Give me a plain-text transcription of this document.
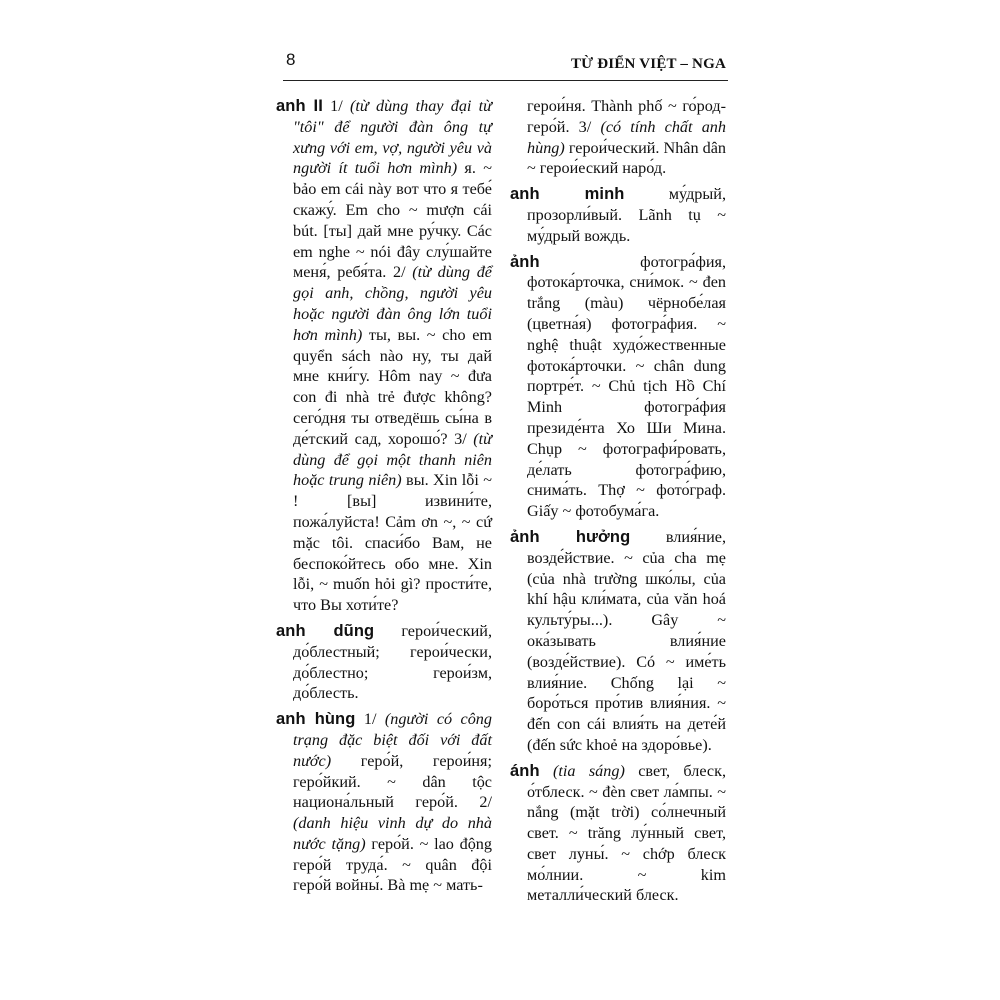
8	TỪ ĐIỂN VIỆT – NGA
anh II 1/ (từ dùng thay đại từ "tôi" để người đàn ông tự xưng với em, vợ, người yêu và người ít tuổi hơn mình) я. ~ bảo em cái này вот что я тебе́ скажу́. Em cho ~ mượn cái bút. [ты] дай мне ру́чку. Các em nghe ~ nói đây слу́шайте меня́, ребя́та. 2/ (từ dùng để gọi anh, chồng, người yêu hoặc người đàn ông lớn tuổi hơn mình) ты, вы. ~ cho em quyển sách nào ну, ты дай мне кни́гу. Hôm nay ~ đưa con đi nhà trẻ được không? сего́дня ты отведёшь сы́на в де́тский сад, хорошо́? 3/ (từ dùng để gọi một thanh niên hoặc trung niên) вы. Xin lỗi ~ ! [вы] извини́те, пожа́луйста! Cảm ơn ~, ~ cứ mặc tôi. спаси́бо Вам, не беспоко́йтесь обо мне. Xin lỗi, ~ muốn hỏi gì? прости́те, что Вы хоти́те?
anh dũng герои́ческий, до́блестный; герои́чески, до́блестно; герои́зм, до́блесть.
anh hùng 1/ (người có công trạng đặc biệt đối với đất nước) геро́й, герои́ня; геро́йкий. ~ dân tộc национа́льный геро́й. 2/ (danh hiệu vinh dự do nhà nước tặng) геро́й. ~ lao động геро́й труда́. ~ quân đội геро́й войны́. Bà mẹ ~ мать-
герои́ня. Thành phố ~ го́род-геро́й. 3/ (có tính chất anh hùng) герои́ческий. Nhân dân ~ герои́еский наро́д.
anh minh му́дрый, прозорли́вый. Lãnh tụ ~ му́дрый вождь.
ảnh фотогра́фия, фотока́рточка, сни́мок. ~ đen trắng (màu) чёрнобе́лая (цветна́я) фотогра́фия. ~ nghệ thuật худо́жественные фотока́рточки. ~ chân dung портре́т. ~ Chủ tịch Hồ Chí Minh фотогра́фия президе́нта Хо Ши Мина. Chụp ~ фотографи́ровать, де́лать фотогра́фию, снима́ть. Thợ ~ фото́граф. Giấy ~ фотобума́га.
ảnh hưởng влия́ние, возде́йствие. ~ của cha mẹ (của nhà trường шко́лы, của khí hậu кли́мата, của văn hoá культу́ры...). Gây ~ ока́зывать влия́ние (возде́йствие). Có ~ име́ть влия́ние. Chống lại ~ боро́ться про́тив влия́ния. ~ đến con cái влия́ть на дете́й (đến sức khoẻ на здоро́вье).
ánh (tia sáng) свет, блеск, о́тблеск. ~ đèn свет ла́мпы. ~ nắng (mặt trời) со́лнечный свет. ~ trăng лу́нный свет, свет луны́. ~ chớp блеск мо́лнии. ~ kim металли́ческий блеск.
